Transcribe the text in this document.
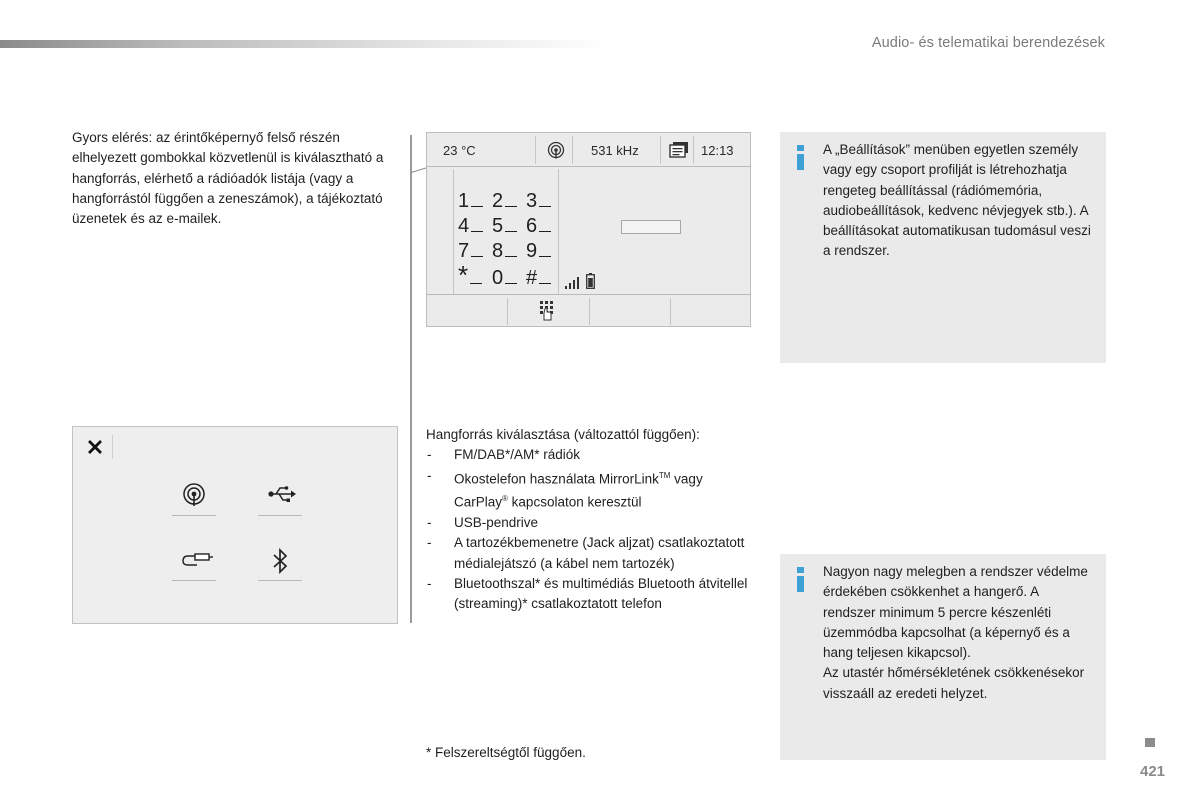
Audio- és telematikai berendezések
Gyors elérés: az érintőképernyő felső részén elhelyezett gombokkal közvetlenül is kiválasztható a hangforrás, elérhető a rádióadók listája (vagy a hangforrástól függően a zeneszámok), a tájékoztató üzenetek és az e-mailek.
23 °C	531 kHz	12:13
1 2 3
4 5 6
7 8 9
* 0 #
Hangforrás kiválasztása (változattól függően):
- FM/DAB*/AM* rádiók
- Okostelefon használata MirrorLink™ vagy CarPlay® kapcsolaton keresztül
- USB-pendrive
- A tartozékbemenetre (Jack aljzat) csatlakoztatott médialejátszó (a kábel nem tartozék)
- Bluetoothszal* és multimédiás Bluetooth átvitellel (streaming)* csatlakoztatott telefon
* Felszereltségtől függően.
A „Beállítások” menüben egyetlen személy vagy egy csoport profilját is létrehozhatja rengeteg beállítással (rádiómemória, audiobeállítások, kedvenc névjegyek stb.). A beállításokat automatikusan tudomásul veszi a rendszer.
Nagyon nagy melegben a rendszer védelme érdekében csökkenhet a hangerő. A rendszer minimum 5 percre készenléti üzemmódba kapcsolhat (a képernyő és a hang teljesen kikapcsol).
Az utastér hőmérsékletének csökkenésekor visszaáll az eredeti helyzet.
421
